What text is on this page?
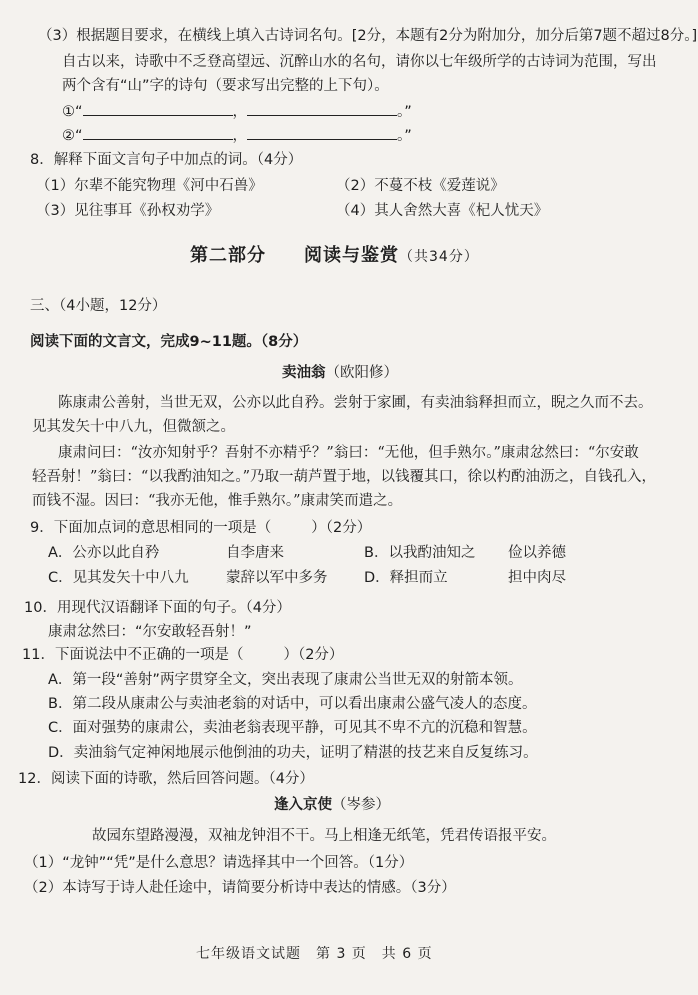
（3）根据题目要求，在横线上填入古诗词名句。[2分，本题有2分为附加分，加分后第7题不超过8分。]
自古以来，诗歌中不乏登高望远、沉醉山水的名句，请你以七年级所学的古诗词为范围，写出
两个含有“山”字的诗句（要求写出完整的上下句）。
①“	，	。”
②“	，	。”
8．解释下面文言句子中加点的词。（4分）
（1）尔辈不能究物理《河中石兽》	（2）不蔓不枝《爱莲说》
（3）见往事耳《孙权劝学》	（4）其人舍然大喜《杞人忧天》
第二部分　　阅读与鉴赏（共34分）
三、（4小题，12分）
阅读下面的文言文，完成9~11题。（8分）
卖油翁（欧阳修）
陈康肃公善射，当世无双，公亦以此自矜。尝射于家圃，有卖油翁释担而立，睨之久而不去。
见其发矢十中八九，但微颔之。
康肃问曰：“汝亦知射乎？吾射不亦精乎？”翁曰：“无他，但手熟尔。”康肃忿然曰：“尔安敢
轻吾射！”翁曰：“以我酌油知之。”乃取一葫芦置于地，以钱覆其口，徐以杓酌油沥之，自钱孔入，
而钱不湿。因曰：“我亦无他，惟手熟尔。”康肃笑而遣之。
9．下面加点词的意思相同的一项是（	）（2分）
A．公亦以此自矜	自李唐来	B．以我酌油知之 俭以养德
C．见其发矢十中八九	蒙辞以军中多务	D．释担而立	担中肉尽
10．用现代汉语翻译下面的句子。（4分）
康肃忿然曰：“尔安敢轻吾射！”
11．下面说法中不正确的一项是（	）（2分）
A．第一段“善射”两字贯穿全文，突出表现了康肃公当世无双的射箭本领。
B．第二段从康肃公与卖油老翁的对话中，可以看出康肃公盛气凌人的态度。
C．面对强势的康肃公，卖油老翁表现平静，可见其不卑不亢的沉稳和智慧。
D．卖油翁气定神闲地展示他倒油的功夫，证明了精湛的技艺来自反复练习。
12．阅读下面的诗歌，然后回答问题。（4分）
逢入京使（岑参）
故园东望路漫漫，双袖龙钟泪不干。马上相逢无纸笔，凭君传语报平安。
（1）“龙钟”“凭”是什么意思？请选择其中一个回答。（1分）
（2）本诗写于诗人赴任途中，请简要分析诗中表达的情感。（3分）
七年级语文试题　第 3 页　共 6 页
